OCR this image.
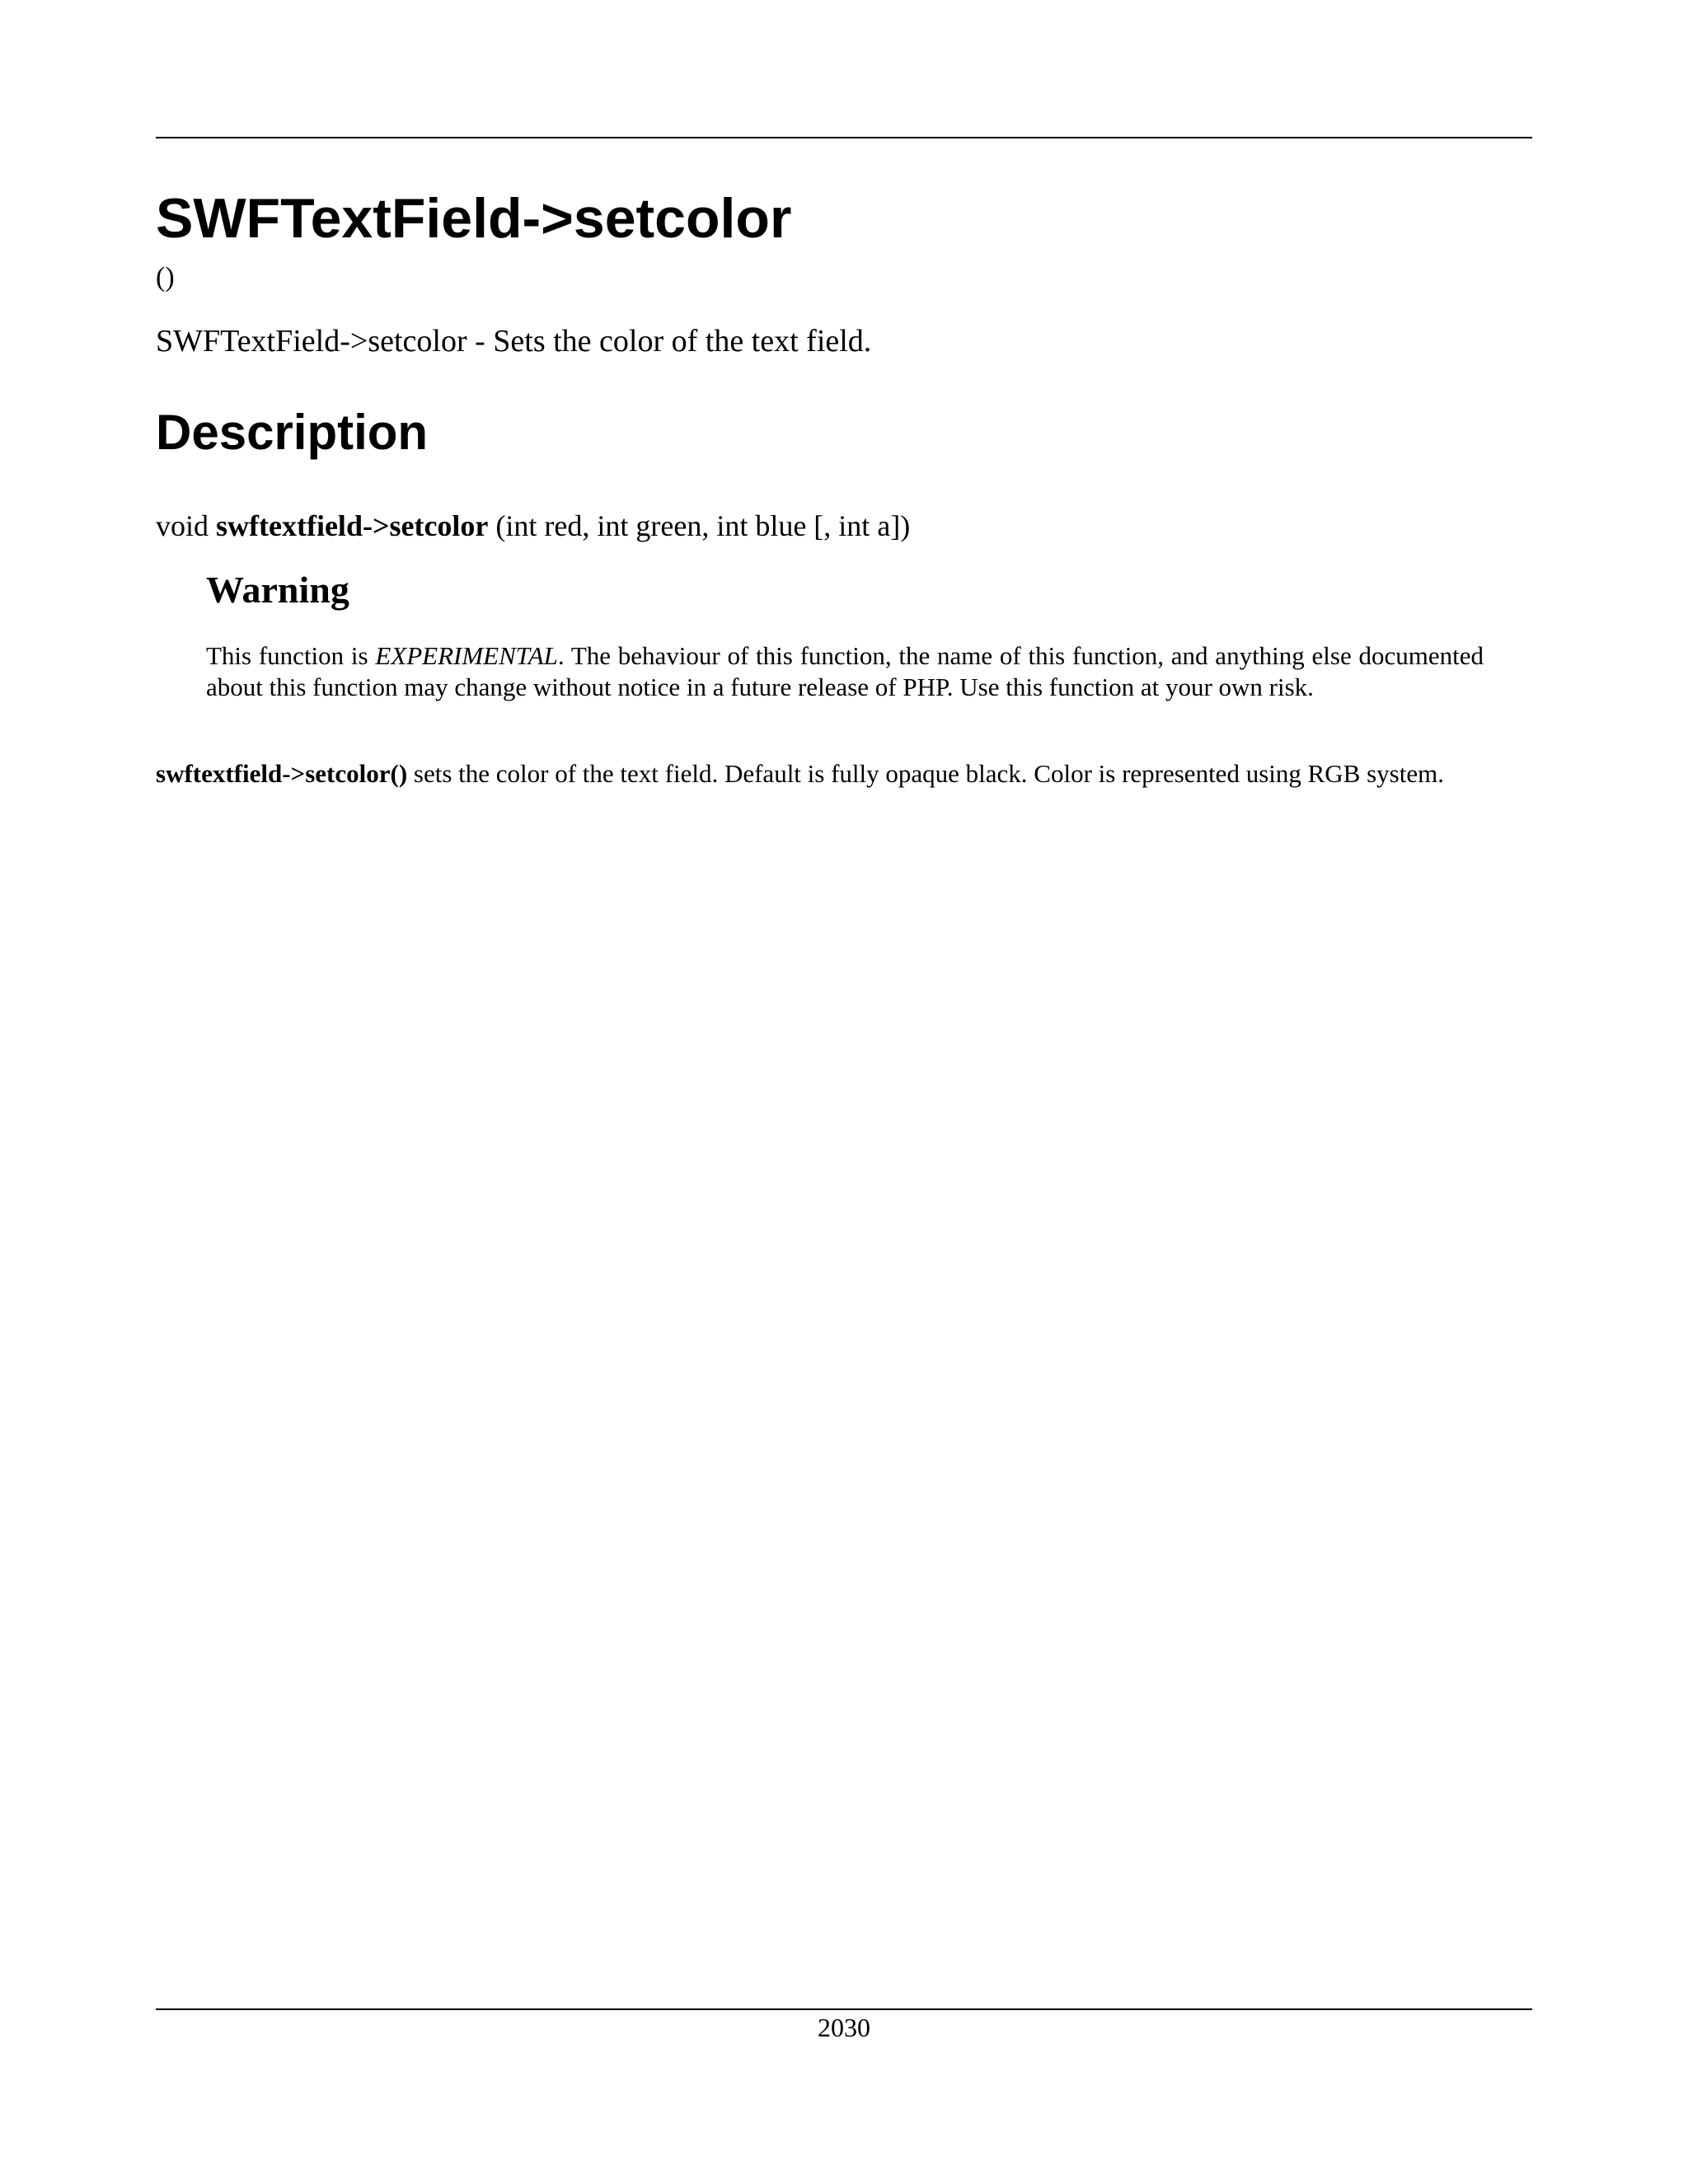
SWFTextField->setcolor
()
SWFTextField->setcolor - Sets the color of the text field.
Description
void swftextfield->setcolor (int red, int green, int blue [, int a])
Warning

This function is EXPERIMENTAL. The behaviour of this function, the name of this function, and anything else documented about this function may change without notice in a future release of PHP. Use this function at your own risk.

swftextfield->setcolor() sets the color of the text field. Default is fully opaque black. Color is represented using RGB system.

2030
